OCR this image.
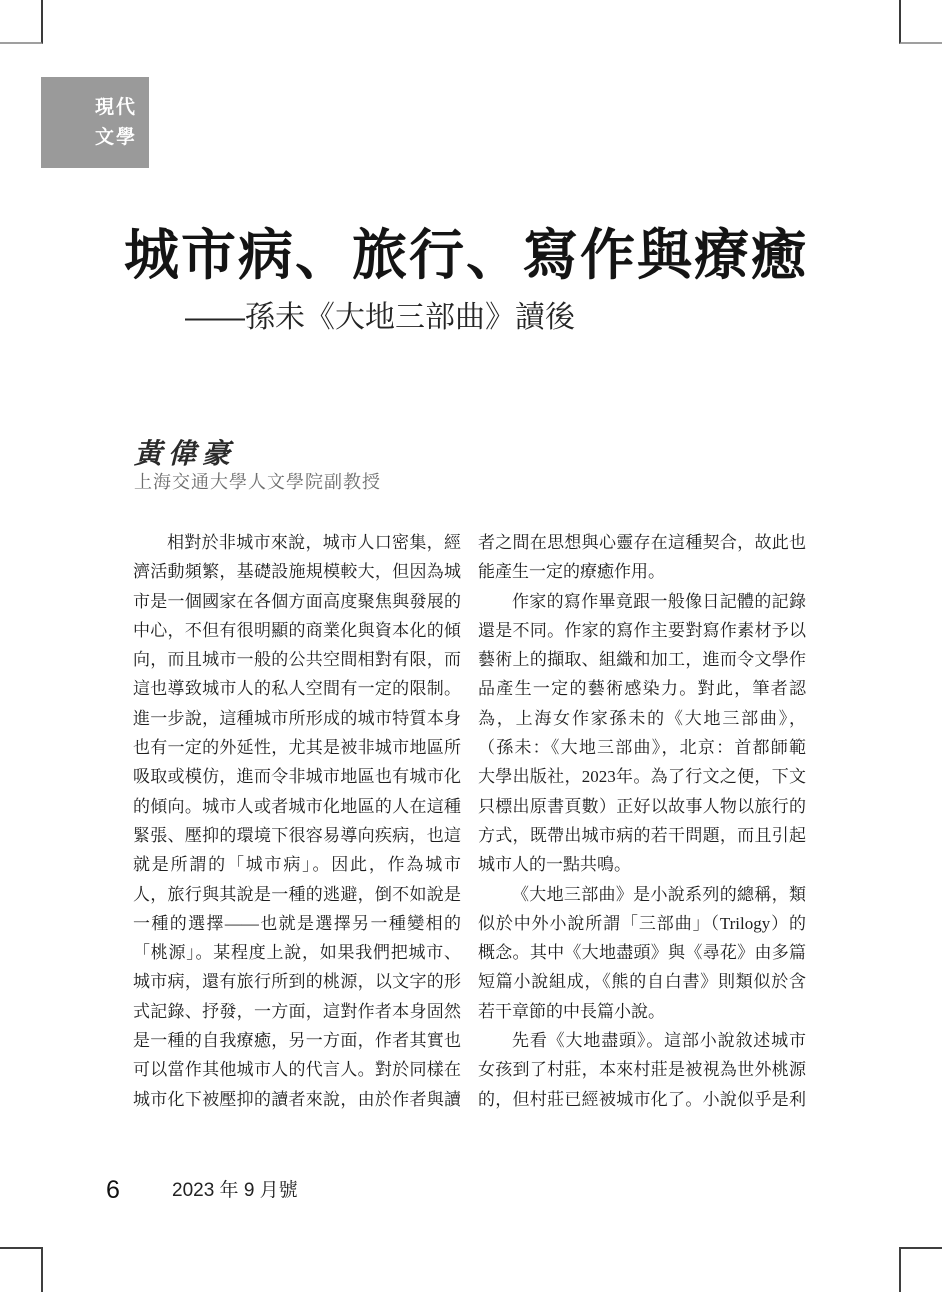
現代
文學
城市病、旅行、寫作與療癒
——孫未《大地三部曲》讀後
黃偉豪
上海交通大學人文學院副教授
相對於非城市來說，城市人口密集，經
濟活動頻繁，基礎設施規模較大，但因為城
市是一個國家在各個方面高度聚焦與發展的
中心，不但有很明顯的商業化與資本化的傾
向，而且城市一般的公共空間相對有限，而
這也導致城市人的私人空間有一定的限制。
進一步說，這種城市所形成的城市特質本身
也有一定的外延性，尤其是被非城市地區所
吸取或模仿，進而令非城市地區也有城市化
的傾向。城市人或者城市化地區的人在這種
緊張、壓抑的環境下很容易導向疾病，也這
就是所謂的「城市病」。因此，作為城市
人，旅行與其說是一種的逃避，倒不如說是
一種的選擇——也就是選擇另一種變相的
「桃源」。某程度上說，如果我們把城市、
城市病，還有旅行所到的桃源，以文字的形
式記錄、抒發，一方面，這對作者本身固然
是一種的自我療癒，另一方面，作者其實也
可以當作其他城市人的代言人。對於同樣在
城市化下被壓抑的讀者來說，由於作者與讀
者之間在思想與心靈存在這種契合，故此也
能產生一定的療癒作用。
作家的寫作畢竟跟一般像日記體的記錄
還是不同。作家的寫作主要對寫作素材予以
藝術上的擷取、組織和加工，進而令文學作
品產生一定的藝術感染力。對此，筆者認
為，上海女作家孫未的《大地三部曲》，
（孫未：《大地三部曲》，北京：首都師範
大學出版社，2023年。為了行文之便，下文
只標出原書頁數）正好以故事人物以旅行的
方式，既帶出城市病的若干問題，而且引起
城市人的一點共鳴。
《大地三部曲》是小說系列的總稱，類
似於中外小說所謂「三部曲」（Trilogy）的
概念。其中《大地盡頭》與《尋花》由多篇
短篇小說組成，《熊的自白書》則類似於含
若干章節的中長篇小說。
先看《大地盡頭》。這部小說敘述城市
女孩到了村莊，本來村莊是被視為世外桃源
的，但村莊已經被城市化了。小說似乎是利
6	2023 年 9 月號
